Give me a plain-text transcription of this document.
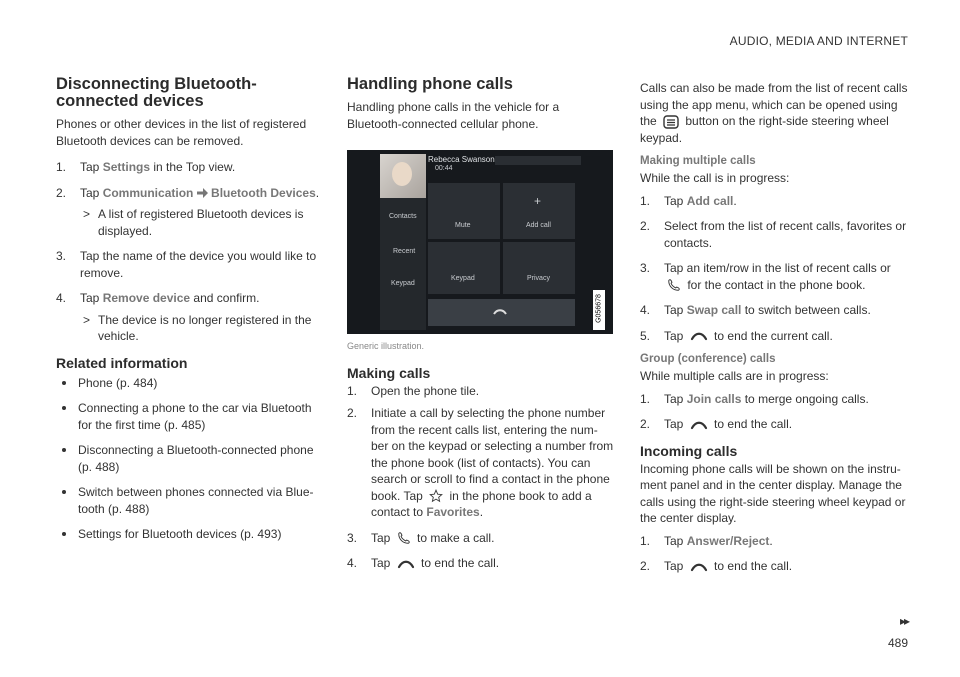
AUDIO, MEDIA AND INTERNET
Disconnecting Bluetooth-connected devices

Phones or other devices in the list of registered Bluetooth devices can be removed.

1. Tap Settings in the Top view.
2. Tap Communication Bluetooth Devices.
> A list of registered Bluetooth devices is displayed.
3. Tap the name of the device you would like to remove.
4. Tap Remove device and confirm.
> The device is no longer registered in the vehicle.
Related information
Phone (p. 484)
Connecting a phone to the car via Bluetooth for the first time (p. 485)
Disconnecting a Bluetooth-connected phone (p. 488)
Switch between phones connected via Blue-tooth (p. 488)
Settings for Bluetooth devices (p. 493)
Handling phone calls

Handling phone calls in the vehicle for a Bluetooth-connected cellular phone.

Contacts
Recent
Keypad
Rebecca Swanson
00:44
Mute	Add call
+
Keypad	Privacy
G056678

Generic illustration.

Making calls
1. Open the phone tile.
2. Initiate a call by selecting the phone number from the recent calls list, entering the num-ber on the keypad or selecting a number from the phone book (list of contacts). You can search or scroll to find a contact in the phone book. Tap in the phone book to add a contact to Favorites.
3. Tap to make a call.
4. Tap	to end the call.

Calls can also be made from the list of recent calls using the app menu, which can be opened using the button on the right-side steering wheel keypad.

Making multiple calls

While the call is in progress:

1. Tap Add call.
2. Select from the list of recent calls, favorites or contacts.
3. Tap an item/row in the list of recent calls or  for the contact in the phone book.
4. Tap Swap call to switch between calls.
5. Tap	to end the current call.
Group (conference) calls

While multiple calls are in progress:

1. Tap Join calls to merge ongoing calls.
2. Tap	to end the call.
Incoming calls

Incoming phone calls will be shown on the instru-ment panel and in the center display. Manage the calls using the right-side steering wheel keypad or the center display.

1. Tap Answer/Reject.
2. Tap	to end the call.
▸▸
489
